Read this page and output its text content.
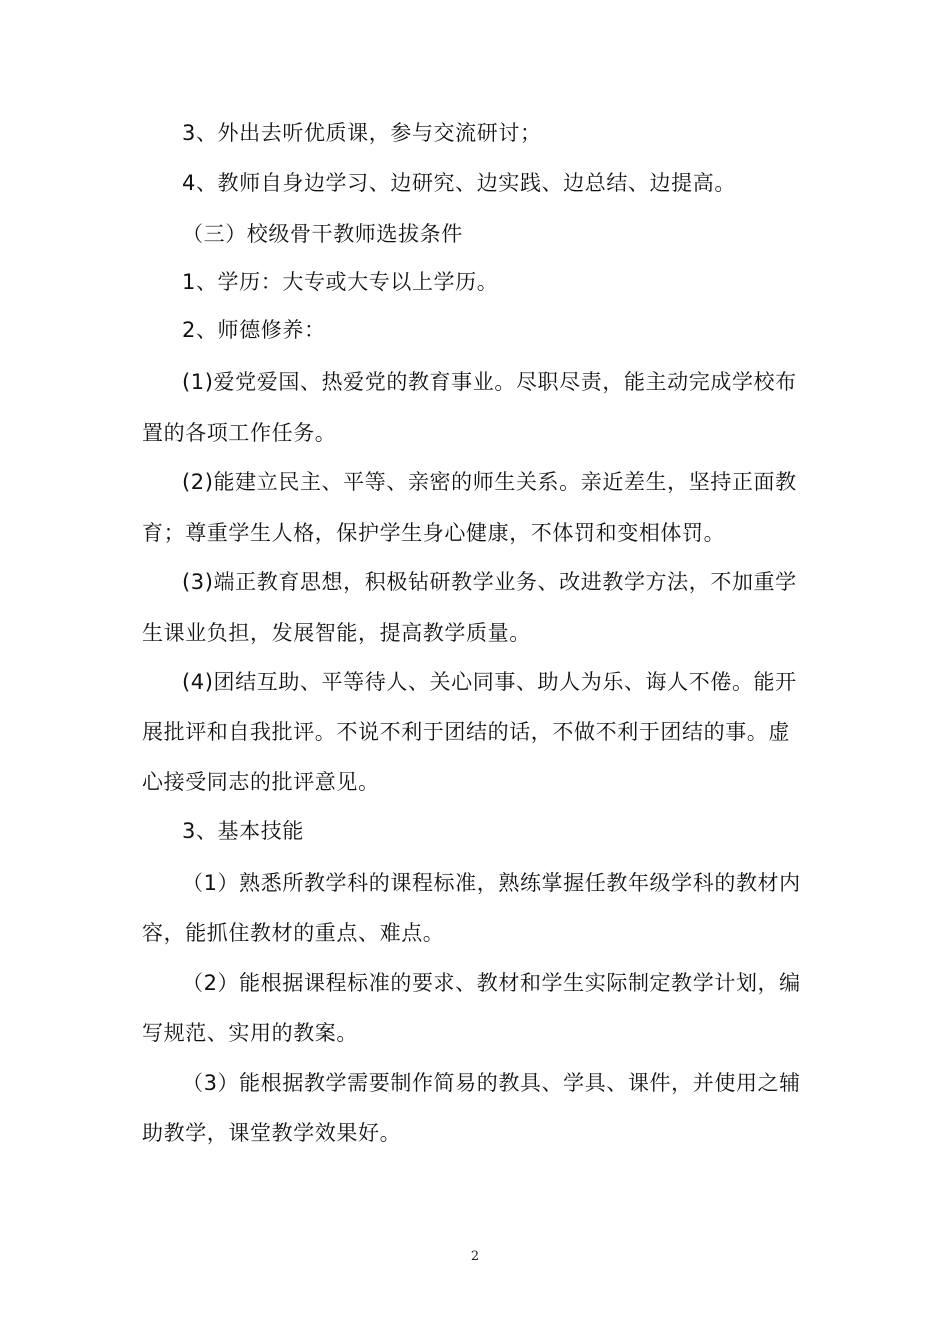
3、外出去听优质课，参与交流研讨；
4、教师自身边学习、边研究、边实践、边总结、边提高。
（三）校级骨干教师选拔条件
1、学历：大专或大专以上学历。
2、师德修养：
(1)爱党爱国、热爱党的教育事业。尽职尽责，能主动完成学校布
置的各项工作任务。
(2)能建立民主、平等、亲密的师生关系。亲近差生，坚持正面教
育；尊重学生人格，保护学生身心健康，不体罚和变相体罚。
(3)端正教育思想，积极钻研教学业务、改进教学方法，不加重学
生课业负担，发展智能，提高教学质量。
(4)团结互助、平等待人、关心同事、助人为乐、诲人不倦。能开
展批评和自我批评。不说不利于团结的话，不做不利于团结的事。虚
心接受同志的批评意见。
3、基本技能
（1）熟悉所教学科的课程标准，熟练掌握任教年级学科的教材内
容，能抓住教材的重点、难点。
（2）能根据课程标准的要求、教材和学生实际制定教学计划，编
写规范、实用的教案。
（3）能根据教学需要制作简易的教具、学具、课件，并使用之辅
助教学，课堂教学效果好。
2
